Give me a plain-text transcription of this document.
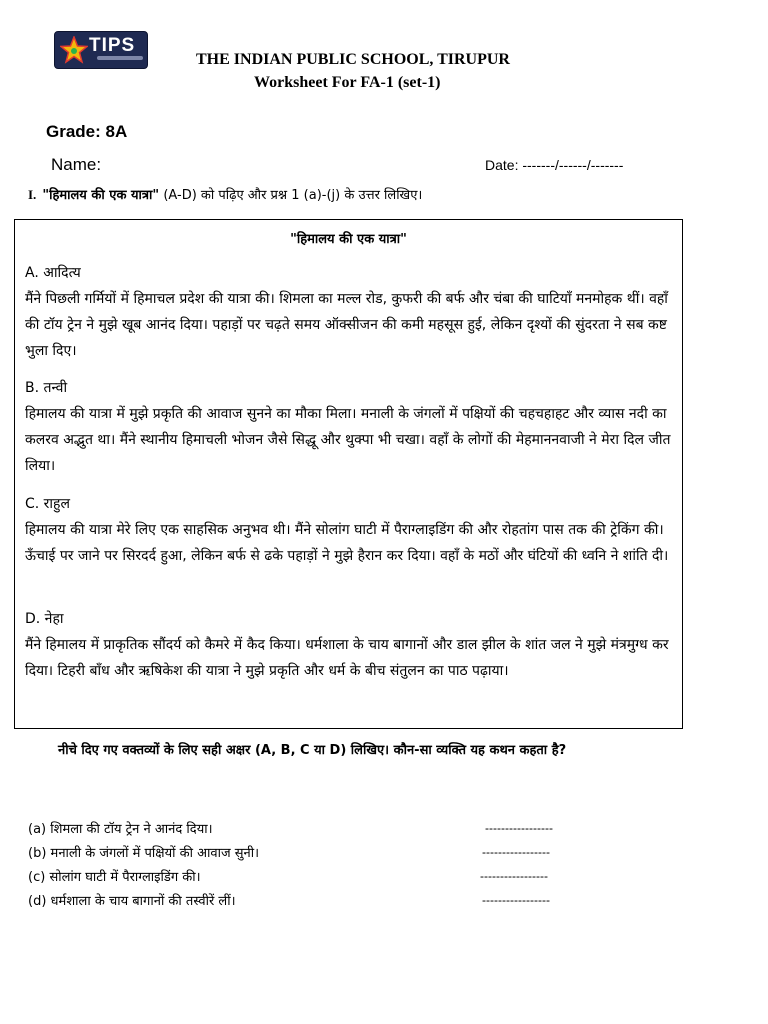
TIPS
THE INDIAN PUBLIC SCHOOL, TIRUPUR
Worksheet For FA-1 (set-1)
Grade: 8A
Name:	Date: -------/------/-------
I. "हिमालय की एक यात्रा" (A-D) को पढ़िए और प्रश्न 1 (a)-(j) के उत्तर लिखिए।
"हिमालय की एक यात्रा"
A. आदित्य
मैंने पिछली गर्मियों में हिमाचल प्रदेश की यात्रा की। शिमला का मल्ल रोड, कुफरी की बर्फ और चंबा की घाटियाँ मनमोहक थीं। वहाँ की टॉय ट्रेन ने मुझे खूब आनंद दिया। पहाड़ों पर चढ़ते समय ऑक्सीजन की कमी महसूस हुई, लेकिन दृश्यों की सुंदरता ने सब कष्ट भुला दिए।
B. तन्वी
हिमालय की यात्रा में मुझे प्रकृति की आवाज सुनने का मौका मिला। मनाली के जंगलों में पक्षियों की चहचहाहट और व्यास नदी का कलरव अद्भुत था। मैंने स्थानीय हिमाचली भोजन जैसे सिद्धू और थुक्पा भी चखा। वहाँ के लोगों की मेहमाननवाजी ने मेरा दिल जीत लिया।
C. राहुल
हिमालय की यात्रा मेरे लिए एक साहसिक अनुभव थी। मैंने सोलांग घाटी में पैराग्लाइडिंग की और रोहतांग पास तक की ट्रेकिंग की। ऊँचाई पर जाने पर सिरदर्द हुआ, लेकिन बर्फ से ढके पहाड़ों ने मुझे हैरान कर दिया। वहाँ के मठों और घंटियों की ध्वनि ने शांति दी।
D. नेहा
मैंने हिमालय में प्राकृतिक सौंदर्य को कैमरे में कैद किया। धर्मशाला के चाय बागानों और डाल झील के शांत जल ने मुझे मंत्रमुग्ध कर दिया। टिहरी बाँध और ऋषिकेश की यात्रा ने मुझे प्रकृति और धर्म के बीच संतुलन का पाठ पढ़ाया।
नीचे दिए गए वक्तव्यों के लिए सही अक्षर (A, B, C या D) लिखिए। कौन-सा व्यक्ति यह कथन कहता है?
(a) शिमला की टॉय ट्रेन ने आनंद दिया।	-----------------
(b) मनाली के जंगलों में पक्षियों की आवाज सुनी।	-----------------
(c) सोलांग घाटी में पैराग्लाइडिंग की।	-----------------
(d) धर्मशाला के चाय बागानों की तस्वीरें लीं।	-----------------
